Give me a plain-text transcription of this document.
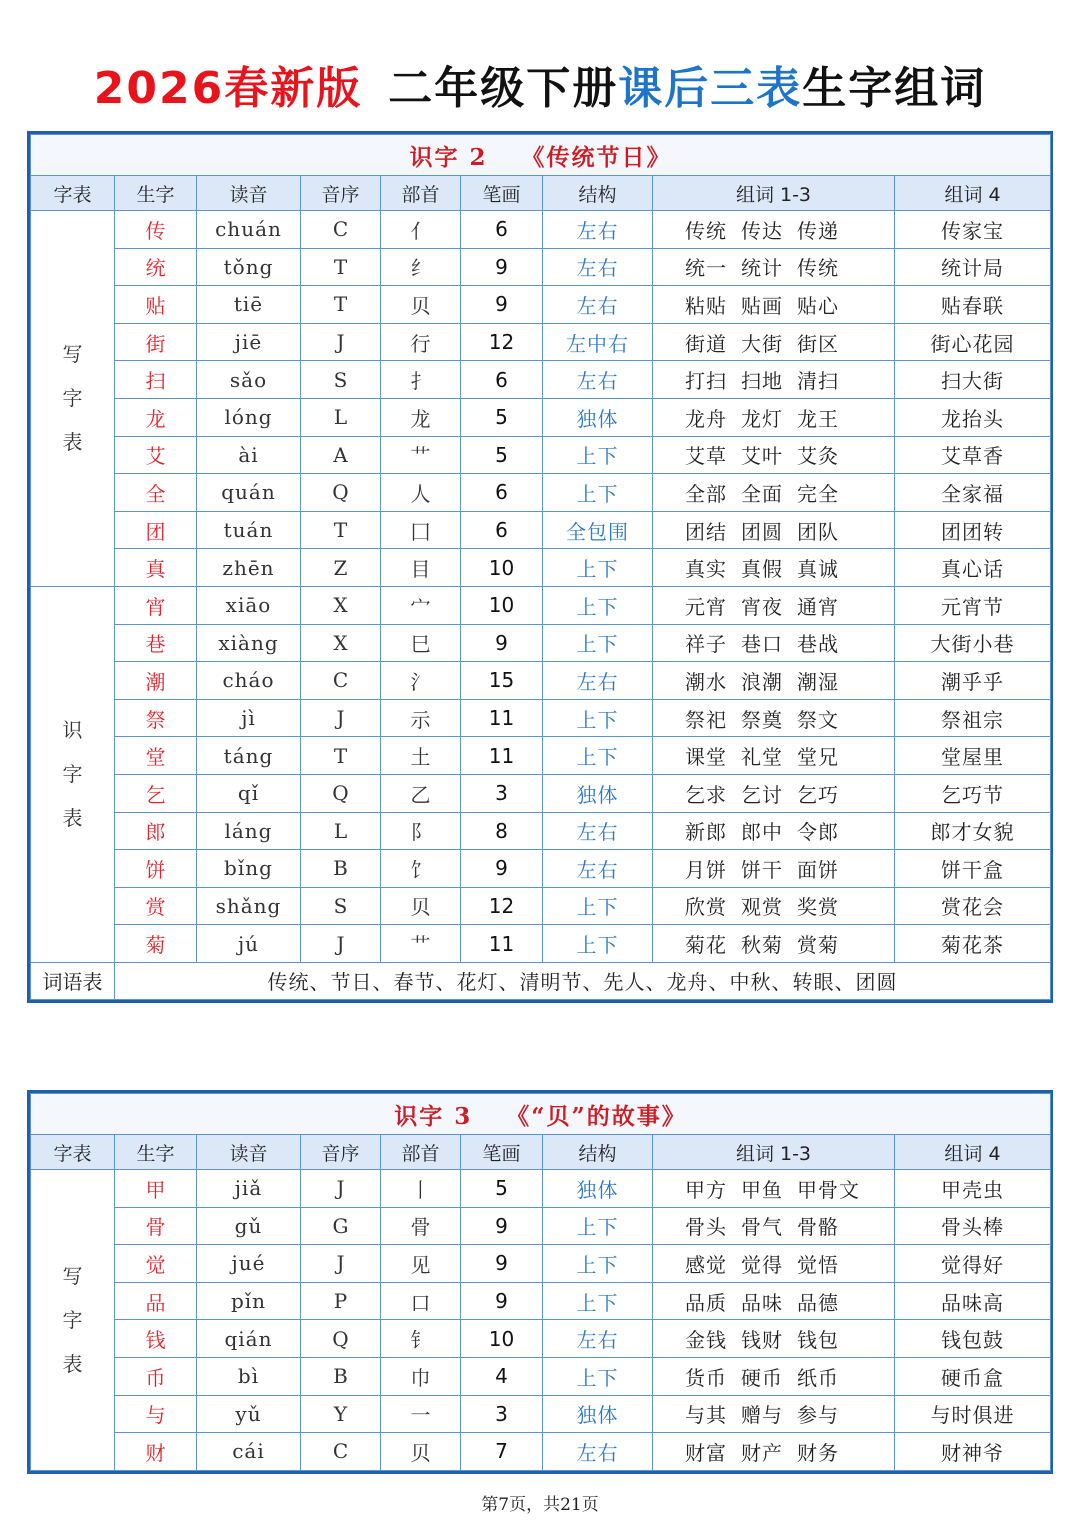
2026春新版 二年级下册课后三表生字组词
识字 2 《传统节日》								
字表	生字	读音	音序	部首	笔画	结构	组词 1-3	组词 4

写
字
表	传	chuán	C	亻	6	左右	传统 传达 传递	传家宝
	统	tǒng	T	纟	9	左右	统一 统计 传统	统计局
	贴	tiē	T	贝	9	左右	粘贴 贴画 贴心	贴春联
	街	jiē	J	行	12	左中右	街道 大街 街区	街心花园
	扫	sǎo	S	扌	6	左右	打扫 扫地 清扫	扫大街
	龙	lóng	L	龙	5	独体	龙舟 龙灯 龙王	龙抬头
	艾	ài	A	艹	5	上下	艾草 艾叶 艾灸	艾草香
	全	quán	Q	人	6	上下	全部 全面 完全	全家福
	团	tuán	T	囗	6	全包围	团结 团圆 团队	团团转
	真	zhēn	Z	目	10	上下	真实 真假 真诚	真心话

识
字
表	宵	xiāo	X	宀	10	上下	元宵 宵夜 通宵	元宵节
	巷	xiàng	X	巳	9	上下	祥子 巷口 巷战	大街小巷
	潮	cháo	C	氵	15	左右	潮水 浪潮 潮湿	潮乎乎
	祭	jì	J	示	11	上下	祭祀 祭奠 祭文	祭祖宗
	堂	táng	T	土	11	上下	课堂 礼堂 堂兄	堂屋里
	乞	qǐ	Q	乙	3	独体	乞求 乞讨 乞巧	乞巧节
	郎	láng	L	阝	8	左右	新郎 郎中 令郎	郎才女貌
	饼	bǐng	B	饣	9	左右	月饼 饼干 面饼	饼干盒
	赏	shǎng	S	贝	12	上下	欣赏 观赏 奖赏	赏花会
	菊	jú	J	艹	11	上下	菊花 秋菊 赏菊	菊花茶
词语表	传统、节日、春节、花灯、清明节、先人、龙舟、中秋、转眼、团圆							
识字 3 《“贝”的故事》								
字表	生字	读音	音序	部首	笔画	结构	组词 1-3	组词 4

写
字
表	甲	jiǎ	J	丨	5	独体	甲方 甲鱼 甲骨文	甲壳虫
	骨	gǔ	G	骨	9	上下	骨头 骨气 骨骼	骨头棒
	觉	jué	J	见	9	上下	感觉 觉得 觉悟	觉得好
	品	pǐn	P	口	9	上下	品质 品味 品德	品味高
	钱	qián	Q	钅	10	左右	金钱 钱财 钱包	钱包鼓
	币	bì	B	巾	4	上下	货币 硬币 纸币	硬币盒
	与	yǔ	Y	一	3	独体	与其 赠与 参与	与时俱进
	财	cái	C	贝	7	左右	财富 财产 财务	财神爷
第7页，共21页
